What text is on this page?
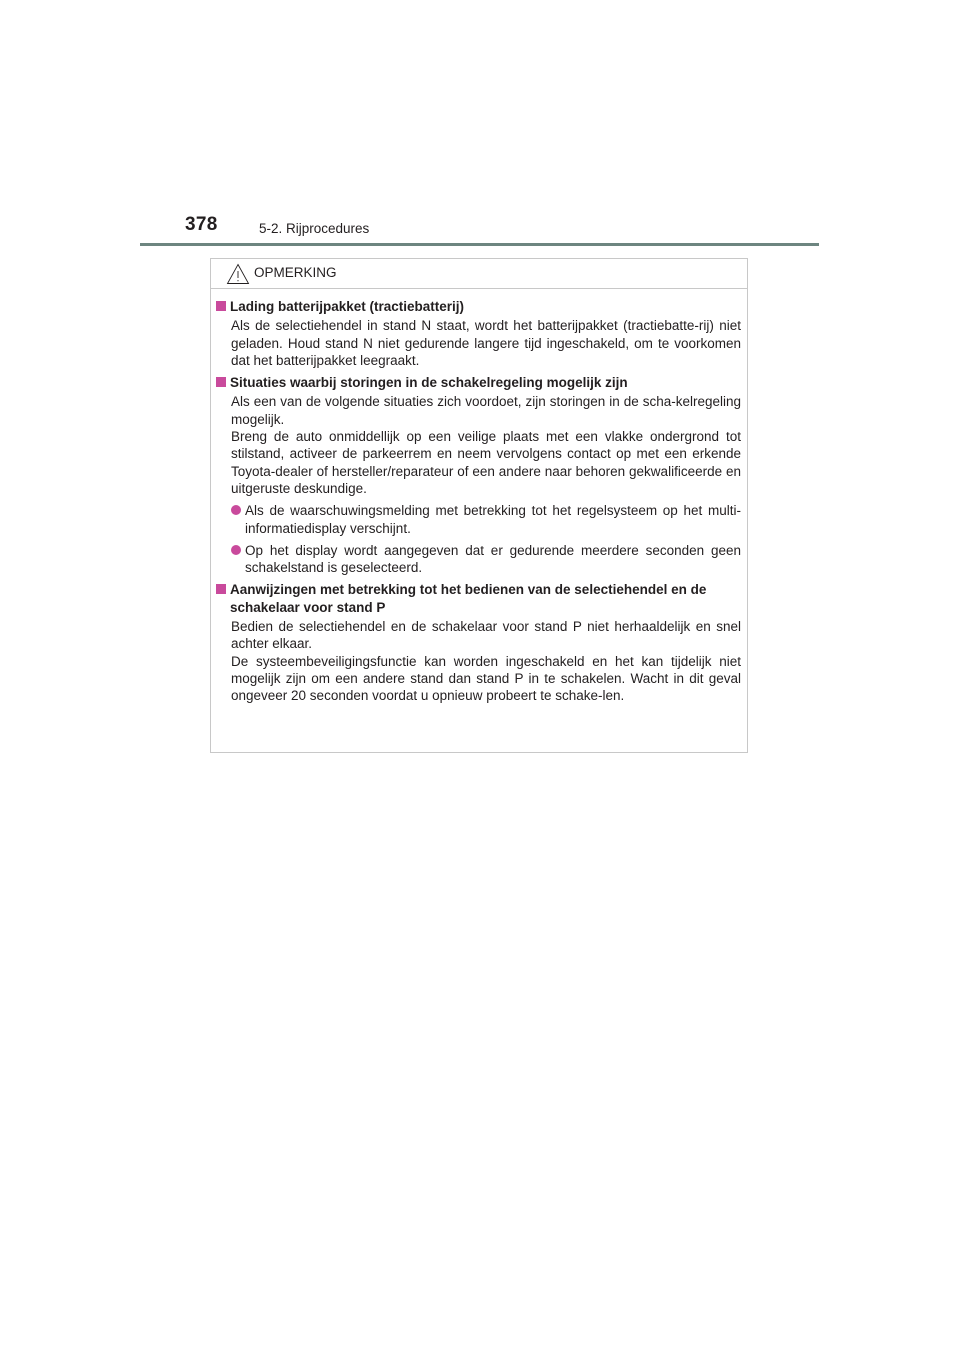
378	5-2. Rijprocedures
OPMERKING
Lading batterijpakket (tractiebatterij)

Als de selectiehendel in stand N staat, wordt het batterijpakket (tractiebatte-rij) niet geladen. Houd stand N niet gedurende langere tijd ingeschakeld, om te voorkomen dat het batterijpakket leegraakt.

Situaties waarbij storingen in de schakelregeling mogelijk zijn

Als een van de volgende situaties zich voordoet, zijn storingen in de scha-kelregeling mogelijk.

Breng de auto onmiddellijk op een veilige plaats met een vlakke ondergrond tot stilstand, activeer de parkeerrem en neem vervolgens contact op met een erkende Toyota-dealer of hersteller/reparateur of een andere naar behoren gekwalificeerde en uitgeruste deskundige.

Als de waarschuwingsmelding met betrekking tot het regelsysteem op het multi-informatiedisplay verschijnt.
Op het display wordt aangegeven dat er gedurende meerdere seconden geen schakelstand is geselecteerd.
Aanwijzingen met betrekking tot het bedienen van de selectiehendel en de schakelaar voor stand P

Bedien de selectiehendel en de schakelaar voor stand P niet herhaaldelijk en snel achter elkaar.

De systeembeveiligingsfunctie kan worden ingeschakeld en het kan tijdelijk niet mogelijk zijn om een andere stand dan stand P in te schakelen. Wacht in dit geval ongeveer 20 seconden voordat u opnieuw probeert te schake-len.
